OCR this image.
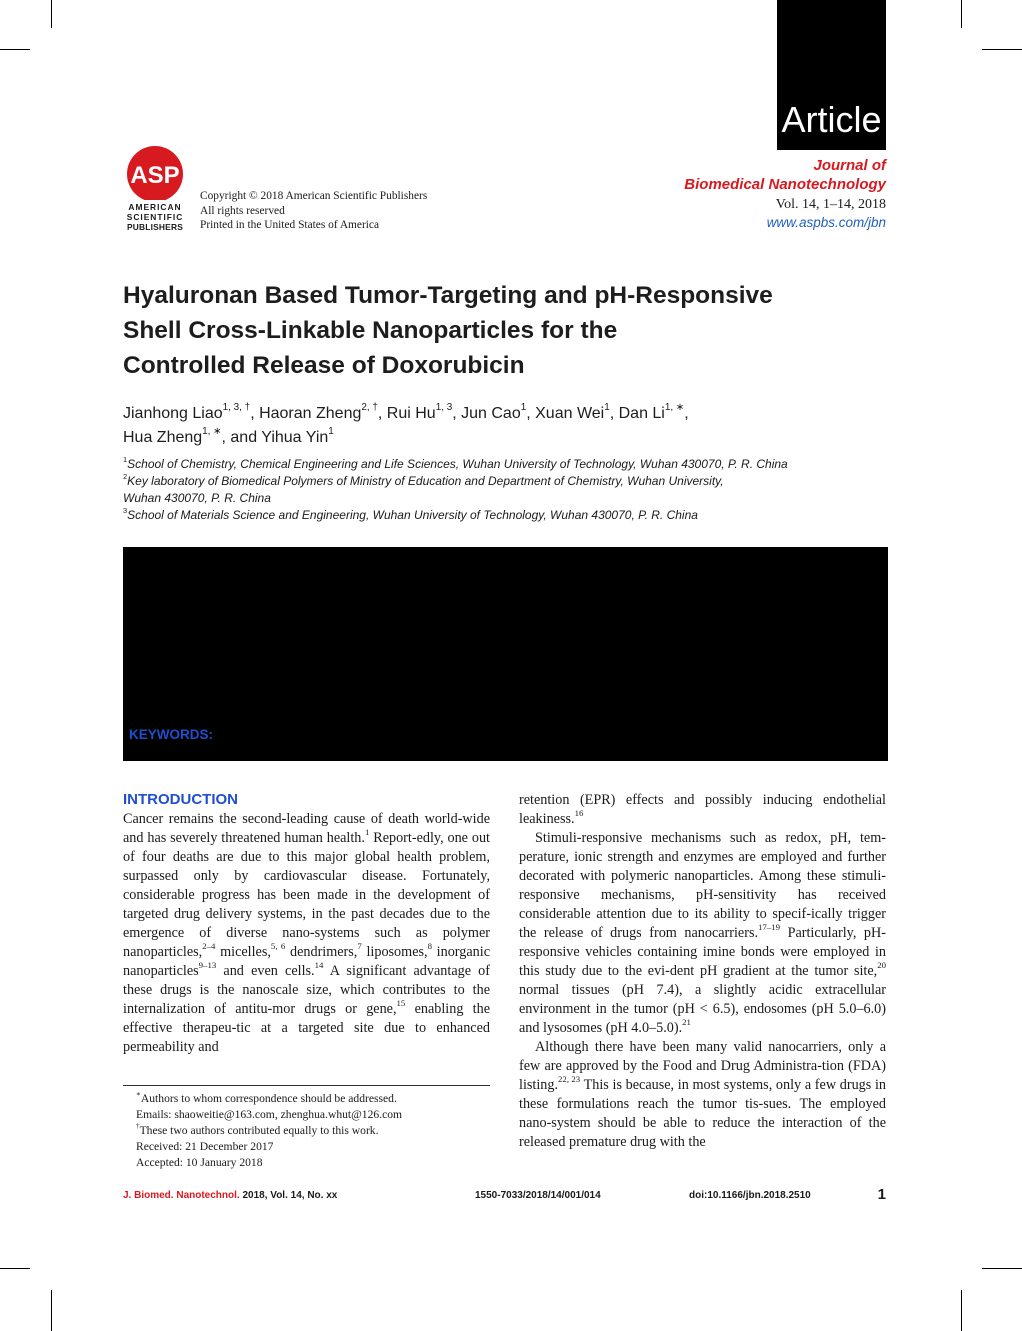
Article
ASP
AMERICAN
SCIENTIFIC
PUBLISHERS
Copyright © 2018 American Scientific Publishers
All rights reserved
Printed in the United States of America
Journal of
Biomedical Nanotechnology
Vol. 14, 1–14, 2018
www.aspbs.com/jbn
Hyaluronan Based Tumor-Targeting and pH-Responsive
Shell Cross-Linkable Nanoparticles for the
Controlled Release of Doxorubicin
Jianhong Liao$^{1, 3, \dagger}$, Haoran Zheng$^{2, \dagger}$, Rui Hu$^{1, 3}$, Jun Cao$^1$, Xuan Wei$^1$, Dan $Li^{1, ∗}$,
Hua Zheng$^{1, ∗}$, and Yihua Yin$^1$

$^1$School of Chemistry, Chemical Engineering and Life Sciences, Wuhan University of Technology, Wuhan 430070, P. R. China

$^2$Key laboratory of Biomedical Polymers of Ministry of Education and Department of Chemistry, Wuhan University,

Wuhan 430070, P. R. China

$^3$School of Materials Science and Engineering, Wuhan University of Technology, Wuhan 430070, P. R. China

KEYWORDS:
INTRODUCTION

Cancer remains the second-leading cause of death world-wide and has severely threatened human health.$^1$ Report-edly, one out of four deaths are due to this major global health problem, surpassed only by cardiovascular disease. Fortunately, considerable progress has been made in the development of targeted drug delivery systems, in the past decades due to the emergence of diverse nano-systems such as polymer nanoparticles,$^{2-4}$ micelles,$^{5, 6}$ dendrimers,$^7$ liposomes,$^8$ inorganic nanoparticles$^{9-13}$ and even cells.$^{14}$ A significant advantage of these drugs is the nanoscale size, which contributes to the internalization of antitu-mor drugs or gene,$^{15}$ enabling the effective therapeu-tic at a targeted site due to enhanced permeability and

∗Authors to whom correspondence should be addressed.

Emails: shaoweitie@163.com, zhenghua.whut@126.com

†These two authors contributed equally to this work.

Received: 21 December 2017

Accepted: 10 January 2018

retention (EPR) effects and possibly inducing endothelial leakiness.$^{16}$

Stimuli-responsive mechanisms such as redox, pH, tem-perature, ionic strength and enzymes are employed and further decorated with polymeric nanoparticles. Among these stimuli-responsive mechanisms, pH-sensitivity has received considerable attention due to its ability to specif-ically trigger the release of drugs from nanocarriers.$^{17-19}$ Particularly, pH-responsive vehicles containing imine bonds were employed in this study due to the evi-dent pH gradient at the tumor site,$^{20}$ normal tissues (pH 7.4), a slightly acidic extracellular environment in the tumor (pH < 6.5), endosomes (pH 5.0–6.0) and lysosomes (pH 4.0–5.0).$^{21}$

Although there have been many valid nanocarriers, only a few are approved by the Food and Drug Administra-tion (FDA) listing.$^{22, 23}$ This is because, in most systems, only a few drugs in these formulations reach the tumor tis-sues. The employed nano-system should be able to reduce the interaction of the released premature drug with the

J. Biomed. Nanotechnol. 2018, Vol. 14, No. xx	1550-7033/2018/14/001/014	doi:10.1166/jbn.2018.2510	1
